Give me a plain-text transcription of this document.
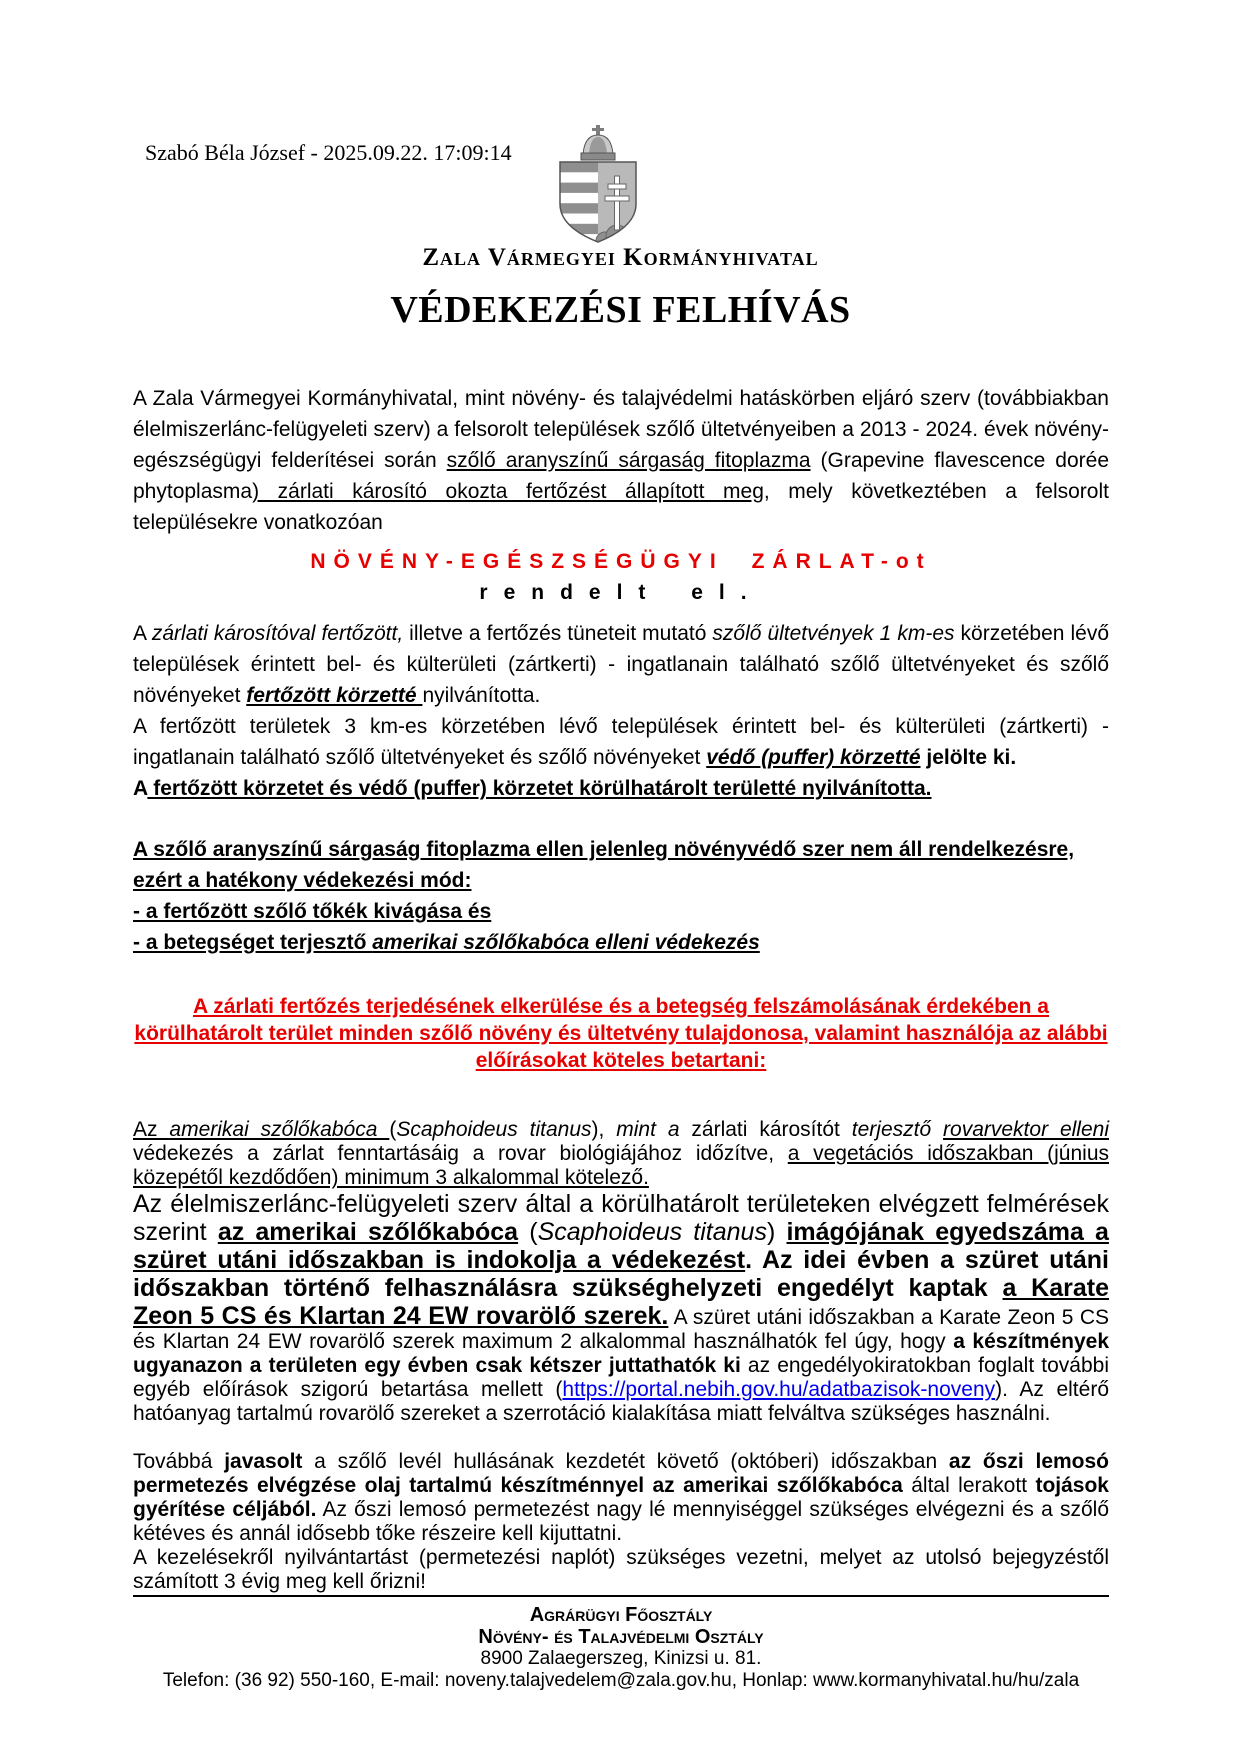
Szabó Béla József - 2025.09.22. 17:09:14
Zala Vármegyei Kormányhivatal
VÉDEKEZÉSI FELHÍVÁS

A Zala Vármegyei Kormányhivatal, mint növény- és talajvédelmi hatáskörben eljáró szerv (továbbiakban élelmiszerlánc-felügyeleti szerv) a felsorolt települések szőlő ültetvényeiben a 2013 - 2024. évek növény-egészségügyi felderítései során szőlő aranyszínű sárgaság fitoplazma (Grapevine flavescence dorée phytoplasma) zárlati károsító okozta fertőzést állapított meg, mely következtében a felsorolt településekre vonatkozóan

NÖVÉNY-EGÉSZSÉGÜGYI ZÁRLAT-ot

rendelt el.

A zárlati károsítóval fertőzött, illetve a fertőzés tüneteit mutató szőlő ültetvények 1 km-es körzetében lévő települések érintett bel- és külterületi (zártkerti) - ingatlanain található szőlő ültetvényeket és szőlő növényeket fertőzött körzetté nyilvánította.

A fertőzött területek 3 km-es körzetében lévő települések érintett bel- és külterületi (zártkerti) - ingatlanain található szőlő ültetvényeket és szőlő növényeket védő (puffer) körzetté jelölte ki.

A fertőzött körzetet és védő (puffer) körzetet körülhatárolt területté nyilvánította.

A szőlő aranyszínű sárgaság fitoplazma ellen jelenleg növényvédő szer nem áll rendelkezésre,

ezért a hatékony védekezési mód:

- a fertőzött szőlő tőkék kivágása és

- a betegséget terjesztő amerikai szőlőkabóca elleni védekezés

A zárlati fertőzés terjedésének elkerülése és a betegség felszámolásának érdekében a körülhatárolt terület minden szőlő növény és ültetvény tulajdonosa, valamint használója az alábbi előírásokat köteles betartani:

Az amerikai szőlőkabóca (Scaphoideus titanus), mint a zárlati károsítót terjesztő rovarvektor elleni védekezés a zárlat fenntartásáig a rovar biológiájához időzítve, a vegetációs időszakban (június közepétől kezdődően) minimum 3 alkalommal kötelező.

Az élelmiszerlánc-felügyeleti szerv által a körülhatárolt területeken elvégzett felmérések szerint az amerikai szőlőkabóca (Scaphoideus titanus) imágójának egyedszáma a szüret utáni időszakban is indokolja a védekezést. Az idei évben a szüret utáni időszakban történő felhasználásra szükséghelyzeti engedélyt kaptak a Karate Zeon 5 CS és Klartan 24 EW rovarölő szerek. A szüret utáni időszakban a Karate Zeon 5 CS és Klartan 24 EW rovarölő szerek maximum 2 alkalommal használhatók fel úgy, hogy a készítmények ugyanazon a területen egy évben csak kétszer juttathatók ki az engedélyokiratokban foglalt további egyéb előírások szigorú betartása mellett (https://portal.nebih.gov.hu/adatbazisok-noveny). Az eltérő hatóanyag tartalmú rovarölő szereket a szerrotáció kialakítása miatt felváltva szükséges használni.

Továbbá javasolt a szőlő levél hullásának kezdetét követő (októberi) időszakban az őszi lemosó permetezés elvégzése olaj tartalmú készítménnyel az amerikai szőlőkabóca által lerakott tojások gyérítése céljából. Az őszi lemosó permetezést nagy lé mennyiséggel szükséges elvégezni és a szőlő kétéves és annál idősebb tőke részeire kell kijuttatni.

A kezelésekről nyilvántartást (permetezési naplót) szükséges vezetni, melyet az utolsó bejegyzéstől számított 3 évig meg kell őrizni!

Agrárügyi Főosztály
Növény- és Talajvédelmi Osztály
8900 Zalaegerszeg, Kinizsi u. 81.
Telefon: (36 92) 550-160, E-mail: noveny.talajvedelem@zala.gov.hu, Honlap: www.kormanyhivatal.hu/hu/zala
